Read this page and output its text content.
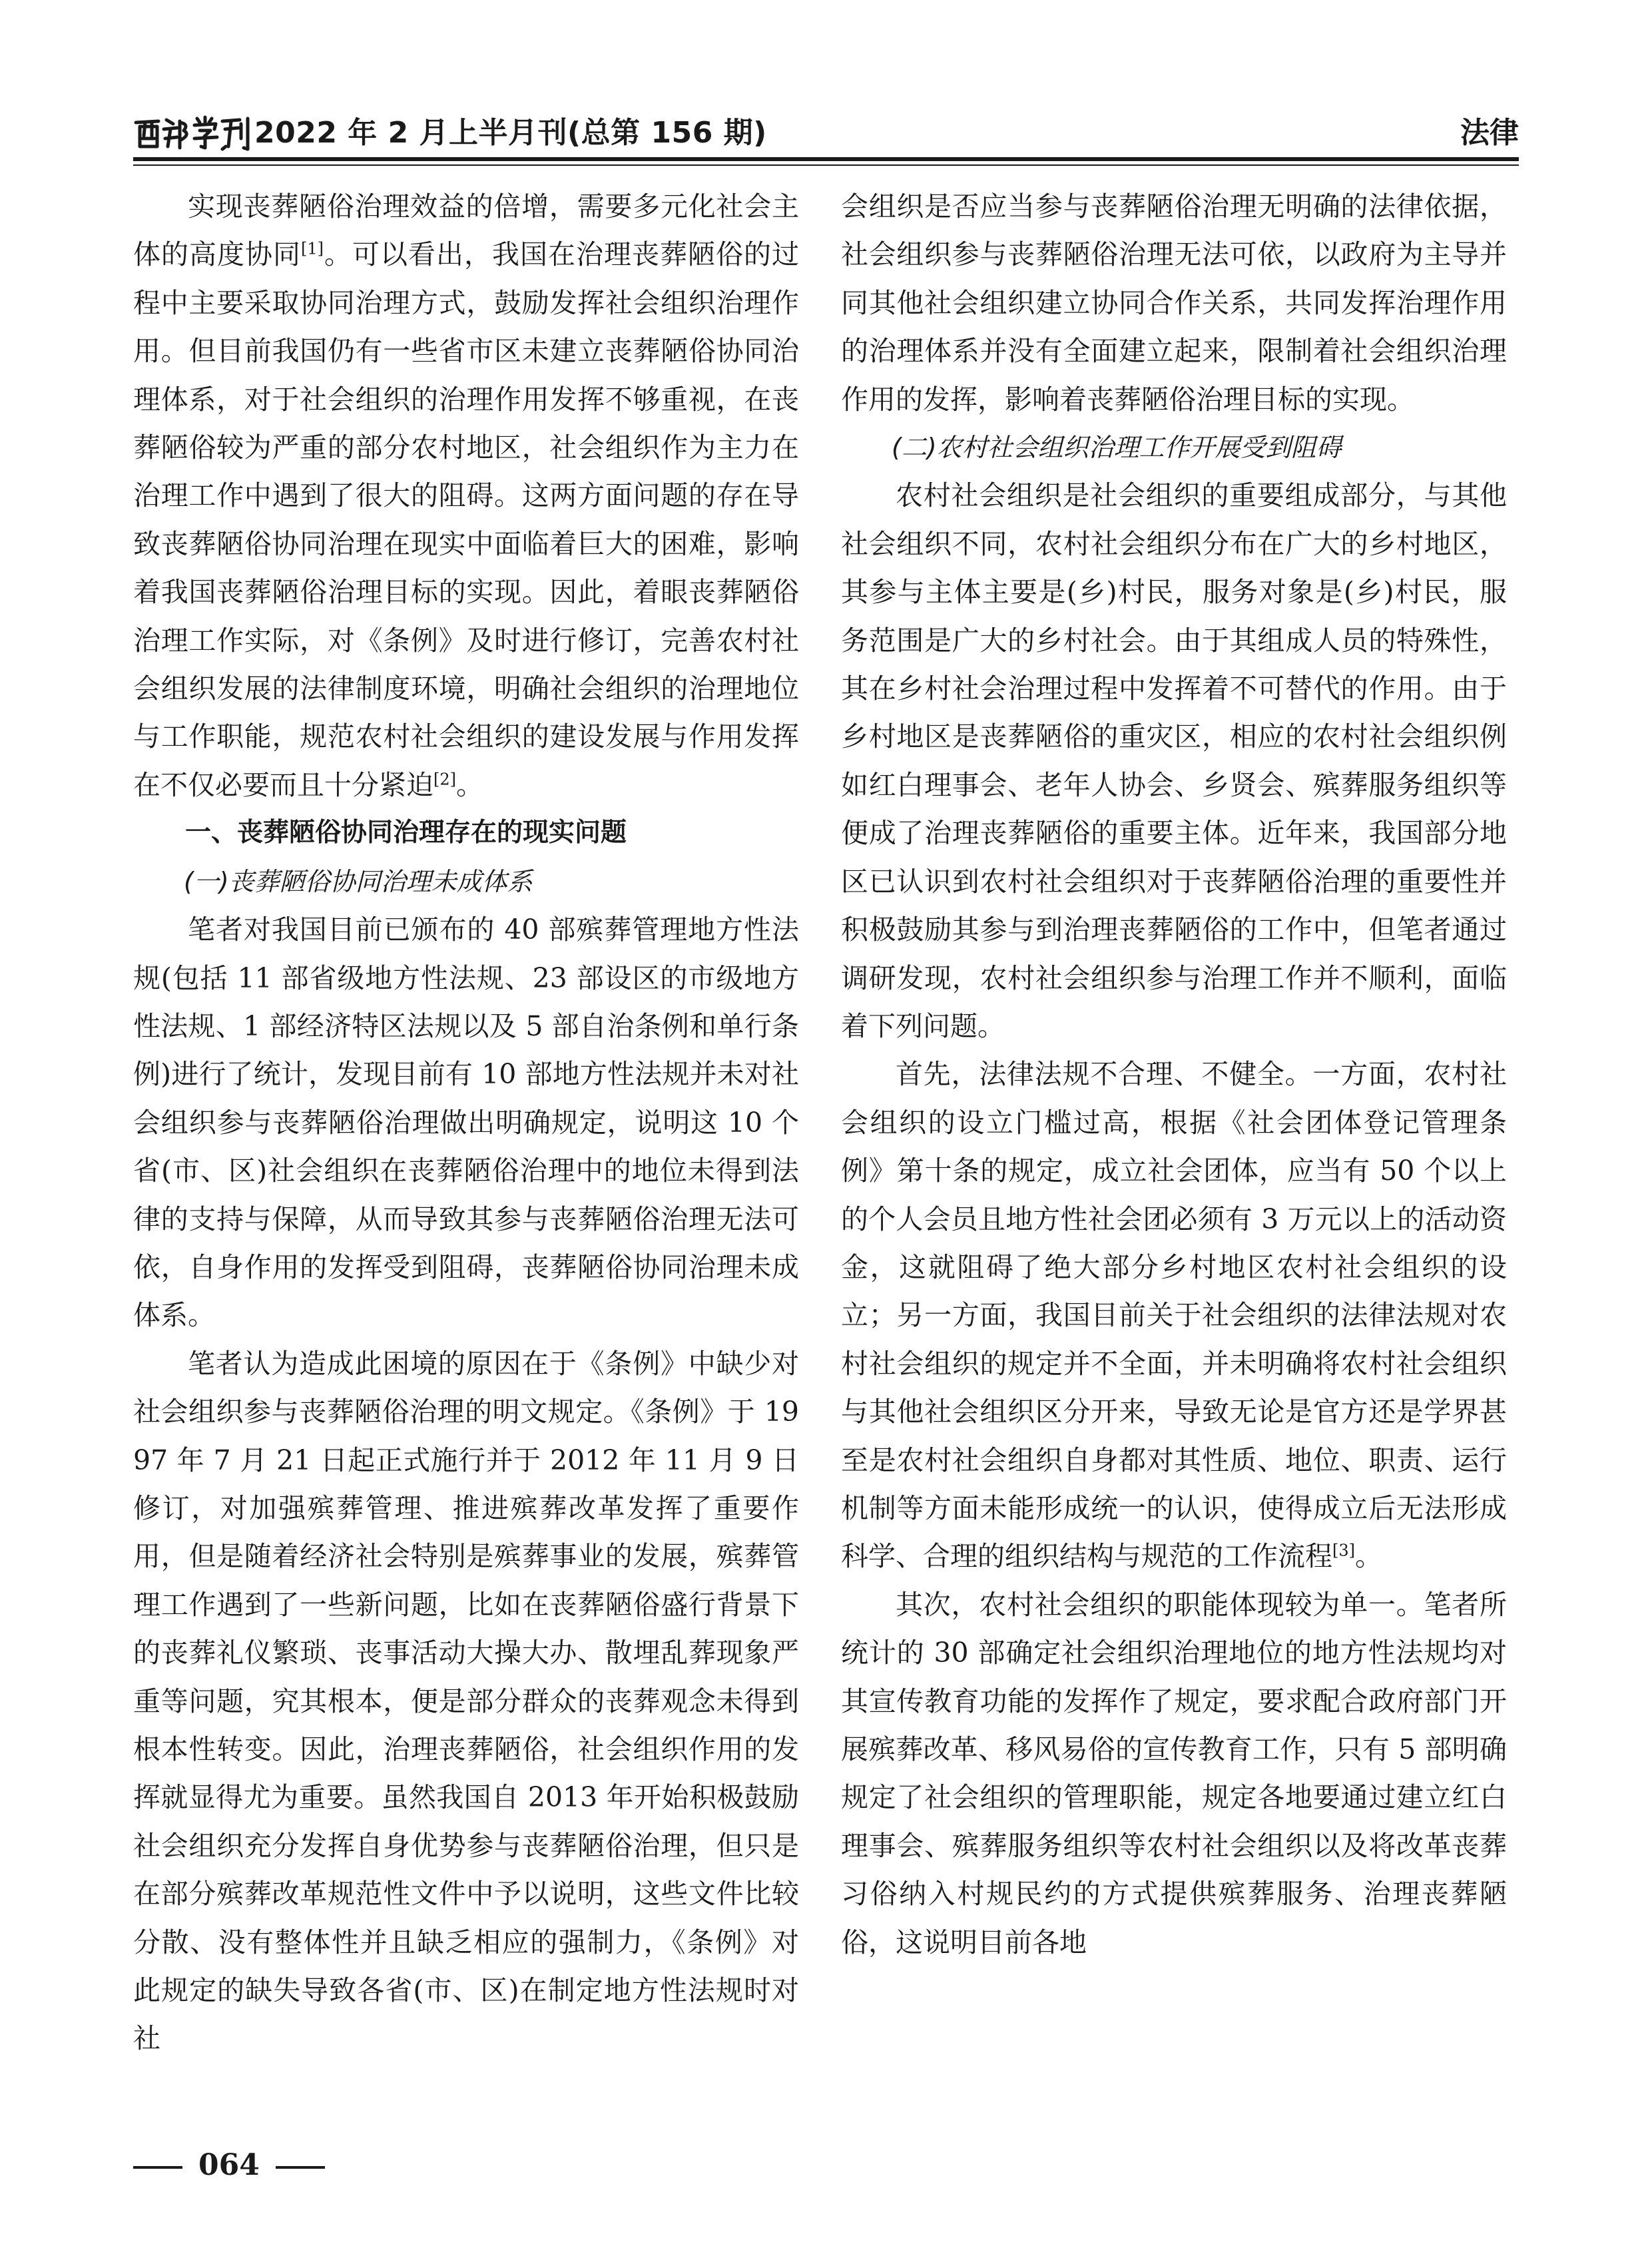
2022 年 2 月上半月刊(总第 156 期)	法律

实现丧葬陋俗治理效益的倍增，需要多元化社会主体的高度协同[1]。可以看出，我国在治理丧葬陋俗的过程中主要采取协同治理方式，鼓励发挥社会组织治理作用。但目前我国仍有一些省市区未建立丧葬陋俗协同治理体系，对于社会组织的治理作用发挥不够重视，在丧葬陋俗较为严重的部分农村地区，社会组织作为主力在治理工作中遇到了很大的阻碍。这两方面问题的存在导致丧葬陋俗协同治理在现实中面临着巨大的困难，影响着我国丧葬陋俗治理目标的实现。因此，着眼丧葬陋俗治理工作实际，对《条例》及时进行修订，完善农村社会组织发展的法律制度环境，明确社会组织的治理地位与工作职能，规范农村社会组织的建设发展与作用发挥在不仅必要而且十分紧迫[2]。

一、丧葬陋俗协同治理存在的现实问题
(一)丧葬陋俗协同治理未成体系

笔者对我国目前已颁布的 40 部殡葬管理地方性法规(包括 11 部省级地方性法规、23 部设区的市级地方性法规、1 部经济特区法规以及 5 部自治条例和单行条例)进行了统计，发现目前有 10 部地方性法规并未对社会组织参与丧葬陋俗治理做出明确规定，说明这 10 个省(市、区)社会组织在丧葬陋俗治理中的地位未得到法律的支持与保障，从而导致其参与丧葬陋俗治理无法可依，自身作用的发挥受到阻碍，丧葬陋俗协同治理未成体系。

笔者认为造成此困境的原因在于《条例》中缺少对社会组织参与丧葬陋俗治理的明文规定。《条例》于 1997 年 7 月 21 日起正式施行并于 2012 年 11 月 9 日修订，对加强殡葬管理、推进殡葬改革发挥了重要作用，但是随着经济社会特别是殡葬事业的发展，殡葬管理工作遇到了一些新问题，比如在丧葬陋俗盛行背景下的丧葬礼仪繁琐、丧事活动大操大办、散埋乱葬现象严重等问题，究其根本，便是部分群众的丧葬观念未得到根本性转变。因此，治理丧葬陋俗，社会组织作用的发挥就显得尤为重要。虽然我国自 2013 年开始积极鼓励社会组织充分发挥自身优势参与丧葬陋俗治理，但只是在部分殡葬改革规范性文件中予以说明，这些文件比较分散、没有整体性并且缺乏相应的强制力，《条例》对此规定的缺失导致各省(市、区)在制定地方性法规时对社

会组织是否应当参与丧葬陋俗治理无明确的法律依据，社会组织参与丧葬陋俗治理无法可依，以政府为主导并同其他社会组织建立协同合作关系，共同发挥治理作用的治理体系并没有全面建立起来，限制着社会组织治理作用的发挥，影响着丧葬陋俗治理目标的实现。

(二)农村社会组织治理工作开展受到阻碍

农村社会组织是社会组织的重要组成部分，与其他社会组织不同，农村社会组织分布在广大的乡村地区，其参与主体主要是(乡)村民，服务对象是(乡)村民，服务范围是广大的乡村社会。由于其组成人员的特殊性，其在乡村社会治理过程中发挥着不可替代的作用。由于乡村地区是丧葬陋俗的重灾区，相应的农村社会组织例如红白理事会、老年人协会、乡贤会、殡葬服务组织等便成了治理丧葬陋俗的重要主体。近年来，我国部分地区已认识到农村社会组织对于丧葬陋俗治理的重要性并积极鼓励其参与到治理丧葬陋俗的工作中，但笔者通过调研发现，农村社会组织参与治理工作并不顺利，面临着下列问题。

首先，法律法规不合理、不健全。一方面，农村社会组织的设立门槛过高，根据《社会团体登记管理条例》第十条的规定，成立社会团体，应当有 50 个以上的个人会员且地方性社会团必须有 3 万元以上的活动资金，这就阻碍了绝大部分乡村地区农村社会组织的设立；另一方面，我国目前关于社会组织的法律法规对农村社会组织的规定并不全面，并未明确将农村社会组织与其他社会组织区分开来，导致无论是官方还是学界甚至是农村社会组织自身都对其性质、地位、职责、运行机制等方面未能形成统一的认识，使得成立后无法形成科学、合理的组织结构与规范的工作流程[3]。

其次，农村社会组织的职能体现较为单一。笔者所统计的 30 部确定社会组织治理地位的地方性法规均对其宣传教育功能的发挥作了规定，要求配合政府部门开展殡葬改革、移风易俗的宣传教育工作，只有 5 部明确规定了社会组织的管理职能，规定各地要通过建立红白理事会、殡葬服务组织等农村社会组织以及将改革丧葬习俗纳入村规民约的方式提供殡葬服务、治理丧葬陋俗，这说明目前各地

064
